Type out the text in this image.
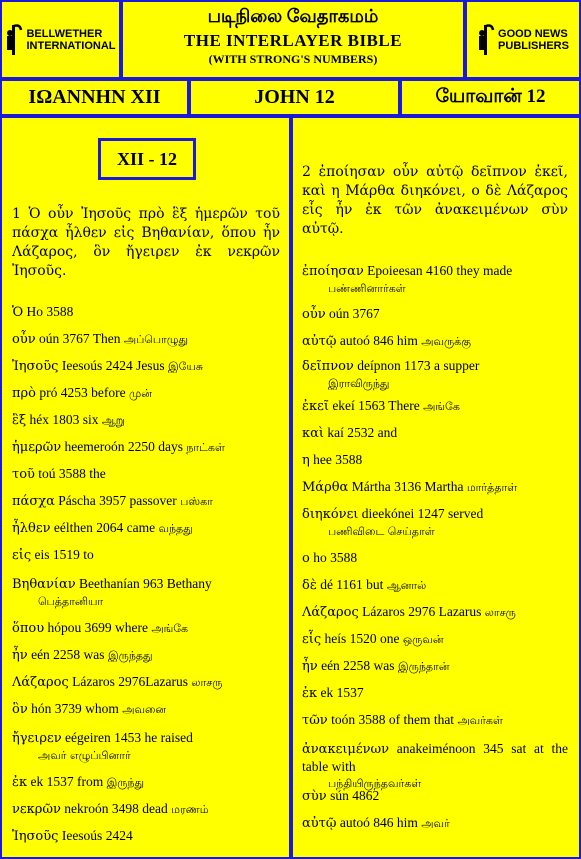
BELLWETHER
INTERNATIONAL
படிநிலை வேதாகமம்
THE INTERLAYER BIBLE
(WITH STRONG'S NUMBERS)
GOOD NEWS
PUBLISHERS
ΙΩΑΝΝΗΝ XII	JOHN 12	யோவான் 12
XII - 12
1 Ὁ οὖν Ἰησοῦς πρὸ ἓξ ἡμερῶν τοῦ πάσχα ἦλθεν εἰς Βηθανίαν, ὅπου ἦν Λάζαρος, ὃν ἤγειρεν ἐκ νεκρῶν Ἰησοῦς.
Ὁ Ho 3588
οὖν oún 3767 Then அப்பொழுது
Ἰησοῦς Ieesoús 2424 Jesus இயேசு
πρὸ pró 4253 before முன்
ἓξ héx 1803 six ஆறு
ἡμερῶν heemeroón 2250 days நாட்கள்
τοῦ toú 3588 the
πάσχα Páscha 3957 passover பஸ்கா
ἦλθεν eélthen 2064 came வந்தது
εἰς eis 1519 to
Βηθανίαν Beethanían 963 Bethany
பெத்தானியா
ὅπου hópou 3699 where அங்கே
ἦν eén 2258 was இருந்தது
Λάζαρος Lázaros 2976Lazarus லாசரு
ὃν hón 3739 whom அவனை
ἤγειρεν eégeiren 1453 he raised
அவர் எழுப்பினார்
ἐκ ek 1537 from இருந்து
νεκρῶν nekroón 3498 dead மரணம்
Ἰησοῦς Ieesoús 2424
2 ἐποίησαν οὖν αὐτῷ δεῖπνον ἐκεῖ, καὶ η Μάρθα διηκόνει, ο δὲ Λάζαρος εἷς ἦν ἐκ τῶν ἀνακειμένων σὺν αὐτῷ.
ἐποίησαν Epoieesan 4160 they made
பண்ணினார்கள்
οὖν oún 3767
αὐτῷ autoó 846 him அவருக்கு
δεῖπνον deípnon 1173 a supper
இராவிருந்து
ἐκεῖ ekeí 1563 There அங்கே
καὶ kaí 2532 and
η hee 3588
Μάρθα Mártha 3136 Martha மார்த்தாள்
διηκόνει dieekónei 1247 served
பணிவிடை செய்தாள்
ο ho 3588
δὲ dé 1161 but ஆனால்
Λάζαρος Lázaros 2976 Lazarus லாசரு
εἷς heís 1520 one ஒருவன்
ἦν eén 2258 was இருந்தான்
ἐκ ek 1537
τῶν toón 3588 of them that அவர்கள்
ἀνακειμένων anakeiménoon 345 sat at the table with
பந்தியிருந்தவர்கள்
σὺν sún 4862
αὐτῷ autoó 846 him அவர்
